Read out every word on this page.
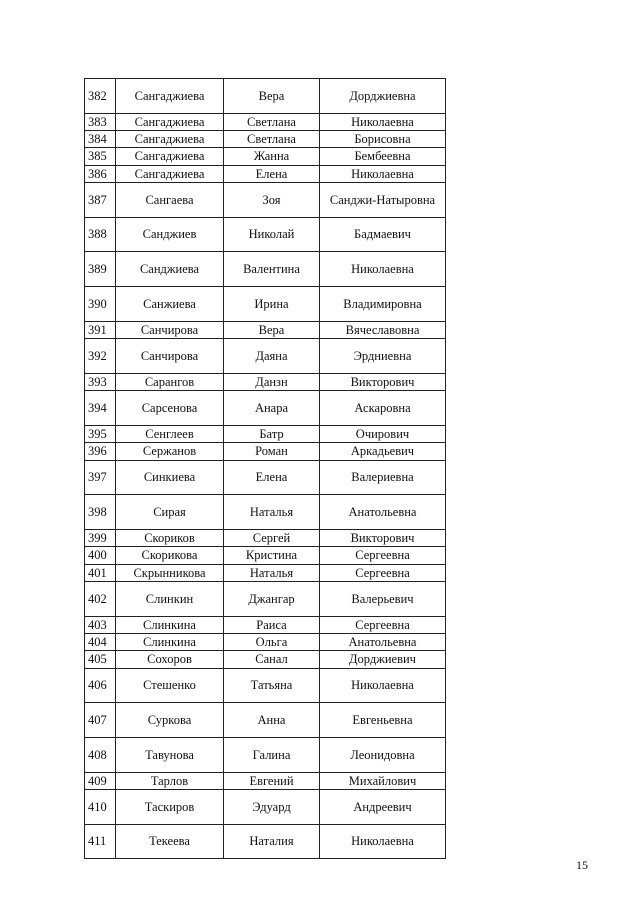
382	Сангаджиева	Вера	Дорджиевна
383	Сангаджиева	Светлана	Николаевна
384	Сангаджиева	Светлана	Борисовна
385	Сангаджиева	Жанна	Бембеевна
386	Сангаджиева	Елена	Николаевна
387	Сангаева	Зоя	Санджи-Натыровна
388	Санджиев	Николай	Бадмаевич
389	Санджиева	Валентина	Николаевна
390	Санжиева	Ирина	Владимировна
391	Санчирова	Вера	Вячеславовна
392	Санчирова	Даяна	Эрдниевна
393	Сарангов	Данзн	Викторович
394	Сарсенова	Анара	Аскаровна
395	Сенглеев	Батр	Очирович
396	Сержанов	Роман	Аркадьевич
397	Синкиева	Елена	Валериевна
398	Сирая	Наталья	Анатольевна
399	Скориков	Сергей	Викторович
400	Скорикова	Кристина	Сергеевна
401	Скрынникова	Наталья	Сергеевна
402	Слинкин	Джангар	Валерьевич
403	Слинкина	Раиса	Сергеевна
404	Слинкина	Ольга	Анатольевна
405	Сохоров	Санал	Дорджиевич
406	Стешенко	Татьяна	Николаевна
407	Суркова	Анна	Евгеньевна
408	Тавунова	Галина	Леонидовна
409	Тарлов	Евгений	Михайлович
410	Таскиров	Эдуард	Андреевич
411	Текеева	Наталия	Николаевна
15
